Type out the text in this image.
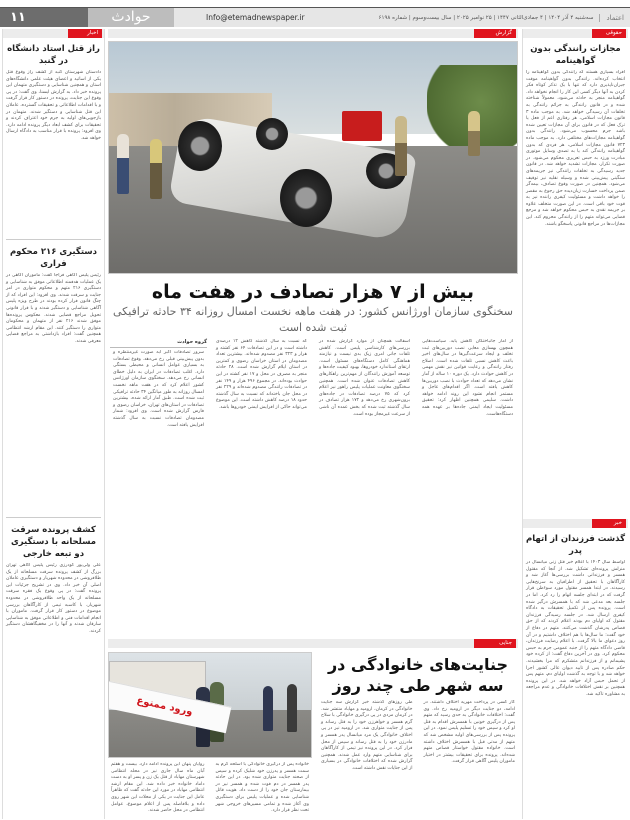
۱۱	حوادث	Info@etemadnewspaper.ir	سه‌شنبه ۴ آذر ۱۴۰۴ | ۴ جمادی‌الثانی ۱۴۴۷ | ۲۵ نوامبر ۲۰۲۵ | سال بیست‌وسوم | شماره ۶۱۹۸	اعتماد
اخبار
راز قتل استاد دانشگاه در گنبد
دادستان شهرستان گنبد از کشف راز وقوع قتل یکی از اساتید و اعضای هیئت علمی دانشگاه‌های استان و همچنین شناسایی و دستگیری متهمان این پرونده خبر داد. به گزارش ایسنا، وی گفت: در پی وقوع این جنایت، پرونده در دستور کار قرار گرفت و با اقدامات اطلاعاتی و تحقیقات گسترده، عاملان این قتل شناسایی و دستگیر شدند. متهمان در بازجویی‌های اولیه به جرم خود اعتراف کردند و تحقیقات برای کشف ابعاد دیگر پرونده ادامه دارد. وی افزود: پرونده با قرار مناسب به دادگاه ارسال خواهد شد.
دستگیری ۲۱۶ محکوم فراری
رئیس پلیس آگاهی فراجا گفت: ماموران آگاهی در یک عملیات هدفمند اطلاعاتی موفق به شناسایی و دستگیری ۲۱۶ متهم و محکوم متواری در امر جنایت و سرقت شدند. وی افزود: این افراد که از چنگ قانون فرار کرده بودند در طرح ویژه پلیس آگاهی شناسایی و دستگیر شدند و با قرار قانونی تحویل مراجع قضایی شدند. معکوس پرونده‌ها موفق شدند ۲۱۶ نفر از متهمان و محکومان متواری را دستگیر کنند. این مقام ارشد انتظامی همچنین گفت: افراد بازداشتی به مراجع قضایی معرفی شدند.
کشف پرونده سرقت مسلحانه با دستگیری دو تبعه خارجی
علی ولی‌پور گودرزی رئیس پلیس آگاهی تهران بزرگ از کشف پرونده سرقت مسلحانه از یک طلافروشی در محدوده شهریار و دستگیری عاملان اصلی آن خبر داد. وی در تشریح جزئیات این پرونده گفت: در پی وقوع یک فقره سرقت مسلحانه از یک واحد طلافروشی در محدوده شهریار، با کاسبه تیمی از کارآگاهان بررسی موضوع در دستور کار قرار گرفت. ماموران با انجام اقدامات فنی و اطلاعاتی موفق به شناسایی سارقان شدند و آنها را در مخفیگاهشان دستگیر کردند.
گزارش
بیش از ۷ هزار تصادف در هفت ماه
سخنگوی سازمان اورژانس کشور: در هفت ماهه نخست امسال روزانه ۳۴ حادثه ترافیکی ثبت شده است
از آمار جانباختگان کاهش یابد. سیاست‌هایی همچون بهسازی معابر، نصب دوربین‌های ثبت تخلف و ایجاد سرعت‌گیرها در سال‌های اخیر باعث کاهش نسبی تلفات شده است. اصلاح رفتار رانندگی و رعایت قوانین نیز نقش مهمی در کاهش حوادث دارد. یک دوره ۱۰ ساله از آمار نشان می‌دهد که تعداد حوادث با نصب دوربین‌ها کاهش یافته است. اگر اقدام‌های عاجل و مستمر انجام نشود این روند ادامه خواهد داشت. سلیمی همچنین اظهار کرد: تحقیق مسئولیت ایجاد ایمنی جاده‌ها بر عهده همه دستگاه‌هاست.
اسفالت همچنان از موارد گزارش شده در بررسی‌های کارشناسی پلیس است. کاهش تلفات جانی امری زیک بدی نیست و نیازمند هماهنگی کامل دستگاه‌های مسئول است. ارتقای استاندارد خودروها، بهبود کیفیت جاده‌ها و توسعه آموزش رانندگان از مهم‌ترین راهکارهای کاهش تصادفات عنوان شده است. همچنین سخنگوی معاونت عملیات پلیس راهور نیز اعلام کرد که ۷۵ درصد تصادفات در جاده‌های برون‌شهری رخ می‌دهد و ۱۷۲ هزار تصادف در سال گذشته ثبت شده که بخش عمده آن ناشی از سرعت غیرمجاز بوده است.
که نسبت به سال گذشته کاهش ۱۲ درصدی داشته است و در این تصادفات ۶۴ نفر کشته و هزار و ۳۲۳ نفر مصدوم شده‌اند. بیشترین تعداد مصدومان در استان خراسان رضوی و کمترین در استان ایلام گزارش شده است. ۲۸ حادثه منجر به مصرف در محل و ۱۷ نفر کشته در این حوادث بوده‌اند. در مجموع ۴۹۶ هزار و ۱۴۹ نفر در تصادفات رانندگی مصدوم شده‌اند و ۲۲۹ نفر در محل جان باخته‌اند که نسبت به سال گذشته حدود ۱۸ درصد کاهش داشته است. این موضوع می‌تواند حاکی از افزایش ایمنی خودروها باشد.
گروه حوادث
سرور تصادفات آکبر ابه صورت غیرمنتظره و بدون پیش‌بینی قبلی رخ می‌دهد. وقوع تصادفات به بسیاری عوامل انسانی و محیطی بستگی دارد. اغلب تصادفات در ایران به دلیل خطای انسانی رخ می‌دهد. سخنگوی سازمان اورژانس کشور اعلام کرد که در هفت ماهه نخست امسال روزانه به طور میانگین ۳۴ حادثه ترافیکی ثبت شده است. طبق آمار ارائه شده، بیشترین تصادفات در استان‌های تهران، خراسان رضوی و فارس گزارش شده است. وی افزود: شمار مصدومان تصادفات نسبت به سال گذشته افزایش یافته است.
جنایی
جنایت‌های خانوادگی در سه شهر طی چند روز
کار کسی در پرداخت مهریه اختلاف داشتند. در ادامه، دو جنایت دیگر در ارومیه رخ داد. وی گفت: اختلافات خانوادگی به حدی رسید که متهم پس از درگیری خونین با همسرش اقدام به قتل او کرد و سپس خود را تسلیم پلیس نمود. در این پرونده پس از بررسی‌های اولیه مشخص شد که متهم از مدتی قبل با همسرش اختلاف داشته است. خانواده مقتول خواستار قصاص متهم شده‌اند. پرونده برای تحقیقات بیشتر در اختیار ماموران پلیس آگاهی قرار گرفت.
طی روزهای گذشته خبر گزارش سه جنایت خانوادگی در کرمان، ارومیه و مهاباد منتشر شد. در کرمان مردی در پی درگیری خانوادگی با سلاح گرم همسر و خواهرزن خود را به قتل رساند و پس از جنایت متواری شد. در ارومیه نیز در پی اختلاف خانوادگی یک مرد میانسال پدر همسر و مادرزن خود را به قتل رساند و سپس از محل فرار کرد. در این پرونده نیز تیمی از کارآگاهان برای شناسایی متهم وارد عمل شدند. همچنین گزارش شده که اختلافات خانوادگی در بسیاری از این جنایات نقش داشته است.
ورود ممنوع
خانواده پس از درگیری خانوادگی با اسلحه گرم به سمت همسر و پدرزن خود شلیک کرده و سپس از صحنه جنایت متواری شده بود. در این حادثه پدر همسر در دم فوت شده و همسر نیز در بیمارستان جان خود را از دست داد. هویت قاتل شناسایی شده و عملیات پلیس برای دستگیری وی آغاز شده و تمامی مسیرهای خروجی شهر تحت نظر قرار دارد.
روایان پنهان این پرونده ادامه دارد. بیست و هفتم آبان ماه سال جاری نیز در محله انتظامی شهرستان مهاباد از قتل یک زن و پسر او به دست داماد خانواده خبر داده شد. این مقام ارشد انتظامی مهاباد در مورد این حادثه گفت که ظاهراً عامل این جنایت در یکی از محلات این شهر روی داده و بلافاصله پس از اعلام موضوع، عوامل انتظامی در محل حاضر شدند.
حقوقی
مجازات رانندگی بدون گواهینامه
افراد بسیاری هستند که رانندگی بدون گواهینامه را انتخاب کرده‌اند. رانندگی بدون گواهینامه موقت جبران‌ناپذیری دارد که تنها با یک تذکر کوتاه فکر کردن به آنها دیگر کسی این کار را انجام نخواهد داد. گواهینامه منجر به حادثه می‌شود، معمولاً شناخته شده و در قانون رانندگی به جرائم رانندگی به تخلفات آن رسیدگی خواهد شد. به موجب ماده ۳ قانون مجازات اسلامی، هر رفتاری اعم از فعل یا ترک فعل که در قانون برای آن مجازات تعیین شده باشد جرم محسوب می‌شود. رانندگی بدون گواهینامه مجازات‌های مختلفی دارد. به موجب ماده ۷۲۳ قانون مجازات اسلامی، هر فردی که بدون گواهینامه رانندگی کند یا به تصدی وسایل موتوری مبادرت ورزد به حبس تعزیری محکوم می‌شود. در صورت تکرار، مجازات تشدید خواهد شد. در قانون جدید رسیدگی به تخلفات رانندگی نیز جریمه‌های سنگینی پیش‌بینی شده و وسیله نقلیه نیز توقیف می‌شود. همچنین در صورت وقوع تصادف، بیمه‌گر ضمن پرداخت خسارت زیان‌دیده حق رجوع به مقصر را خواهد داشت و مسئولیت کیفری راننده نیز به قوت خود باقی است. در این صورت متخلف علاوه بر جریمه نقدی به حبس محکوم خواهد شد و مرجع قضایی می‌تواند متهم را از رانندگی محروم کند. این مجازات‌ها در مراجع قانونی پاسخگو باشند.
خبر
گذشت فرزندان از اتهام پدر
اواسط سال ۱۴۰۳ با اعلام خبر قتل زنی میانسال در منزلش پرونده‌ای تشکیل شد. از آنجا که مقتول همسر و فرزندانی داشت بررسی‌ها آغاز شد و کارآگاهان با تحقیق از اطرافیان به سرنخ‌هایی رسیدند. در ابتدا همسر مقتول مورد سوءظن قرار گرفت که در ابتدای جلسه اتهام را رد کرد. اما در جلسه بعد مدعی شد که با همسرش درگیر شده است. پرونده پس از تکمیل تحقیقات به دادگاه کیفری ارسال شد. در جلسه رسیدگی فرزندان مقتول که اولیای دم بودند اعلام کردند که از حق قصاص پدرشان گذشت می‌کنند. متهم در دفاع از خود گفت: ما سال‌ها با هم اختلاف داشتیم و در آن روز دعوای ما بالا گرفت. با اعلام رضایت فرزندان، قاضی دادگاه متهم را از جنبه عمومی جرم به حبس محکوم کرد. وی در آخرین دفاع گفت: از کرده خود پشیمانم و از فرزندانم متشکرم که مرا بخشیدند. حکم صادره پس از تایید دیوان عالی کشور اجرا خواهد شد و با توجه به گذشت اولیای دم، متهم پس از تحمل حبس آزاد خواهد شد. در این پرونده همچنین بر نقش اختلافات خانوادگی و عدم مراجعه به مشاوره تاکید شد.
